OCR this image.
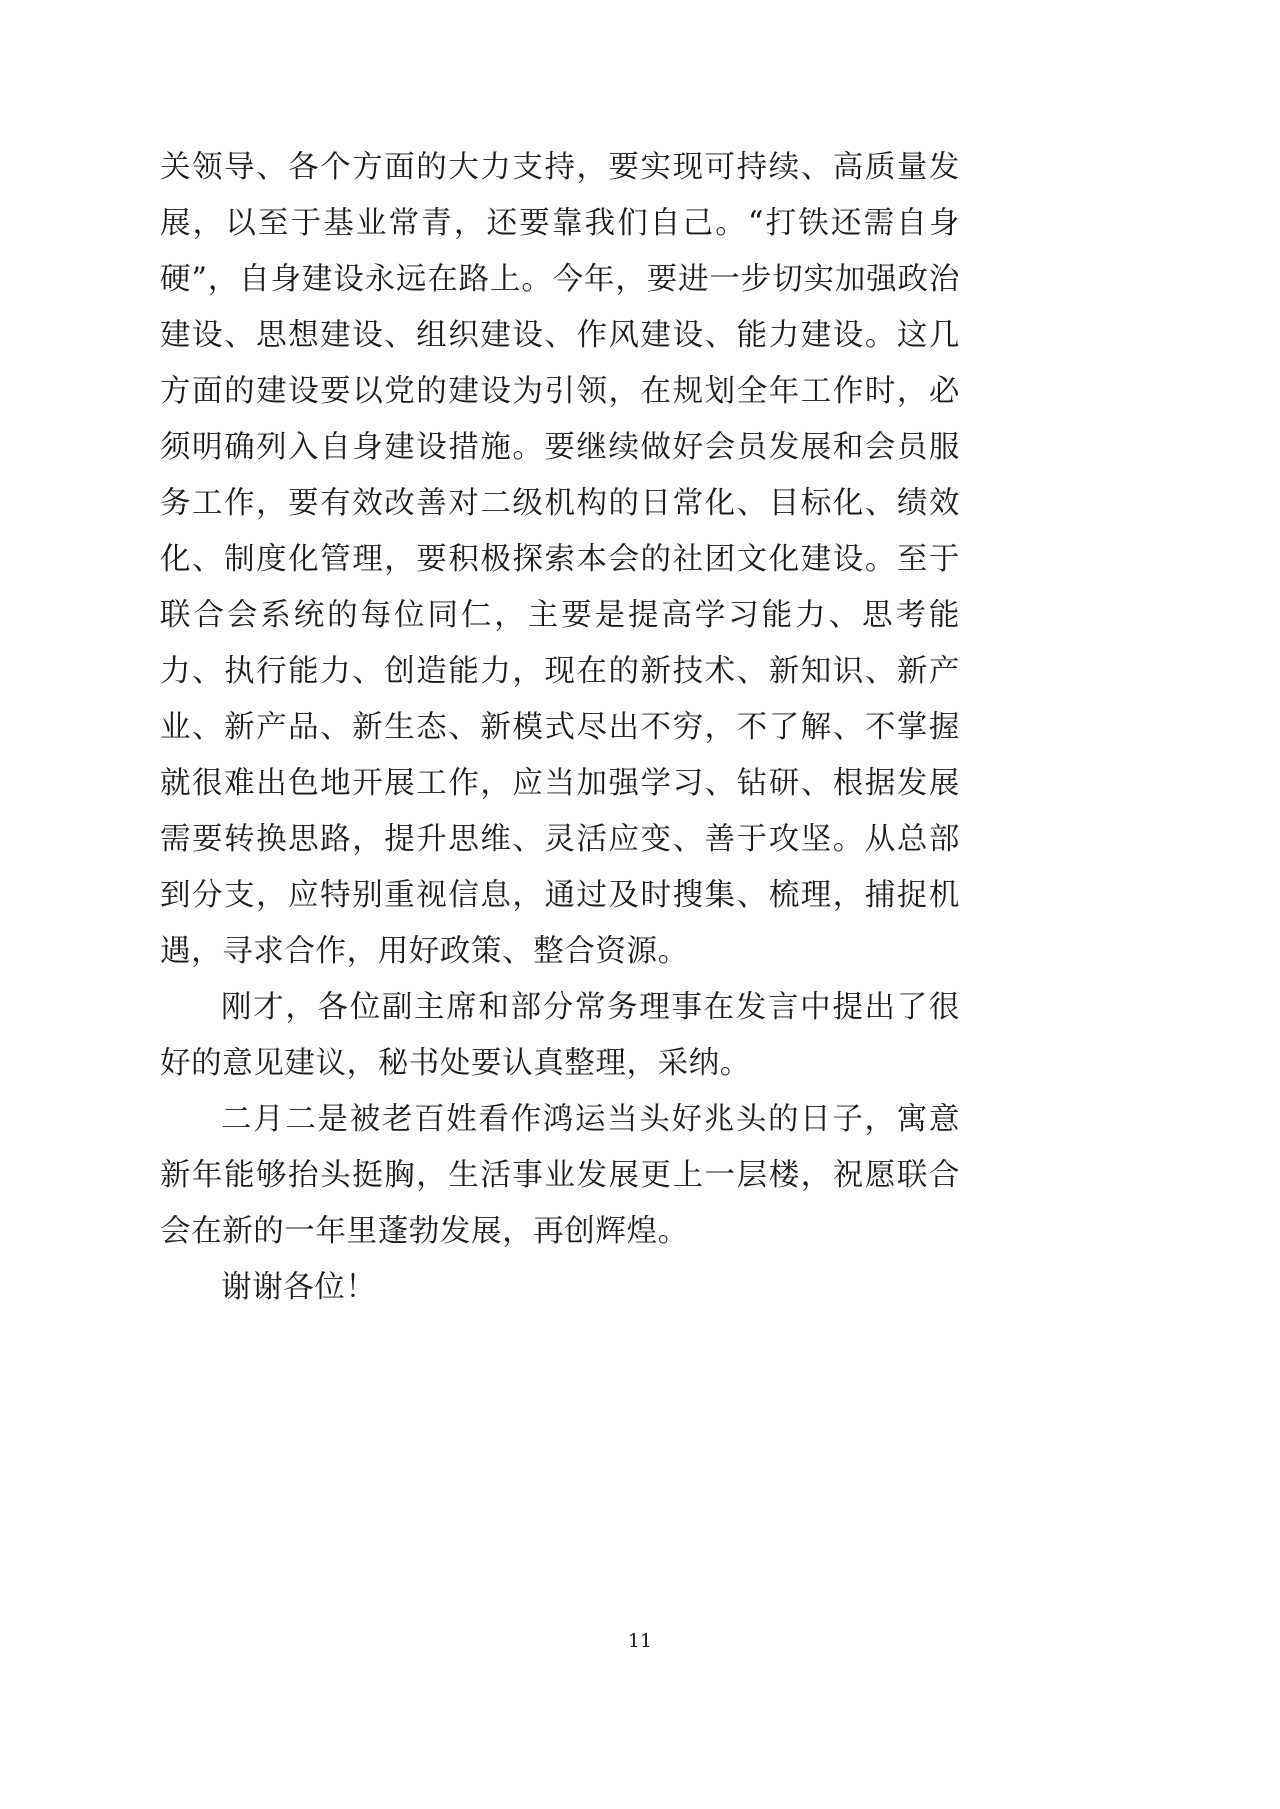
关领导、各个方面的大力支持，要实现可持续、高质量发展，以至于基业常青，还要靠我们自己。“打铁还需自身硬”，自身建设永远在路上。今年，要进一步切实加强政治建设、思想建设、组织建设、作风建设、能力建设。这几方面的建设要以党的建设为引领，在规划全年工作时，必须明确列入自身建设措施。要继续做好会员发展和会员服务工作，要有效改善对二级机构的日常化、目标化、绩效化、制度化管理，要积极探索本会的社团文化建设。至于联合会系统的每位同仁，主要是提高学习能力、思考能力、执行能力、创造能力，现在的新技术、新知识、新产业、新产品、新生态、新模式尽出不穷，不了解、不掌握就很难出色地开展工作，应当加强学习、钻研、根据发展需要转换思路，提升思维、灵活应变、善于攻坚。从总部到分支，应特别重视信息，通过及时搜集、梳理，捕捉机遇，寻求合作，用好政策、整合资源。

刚才，各位副主席和部分常务理事在发言中提出了很好的意见建议，秘书处要认真整理，采纳。

二月二是被老百姓看作鸿运当头好兆头的日子，寓意新年能够抬头挺胸，生活事业发展更上一层楼，祝愿联合会在新的一年里蓬勃发展，再创辉煌。

谢谢各位！

11
